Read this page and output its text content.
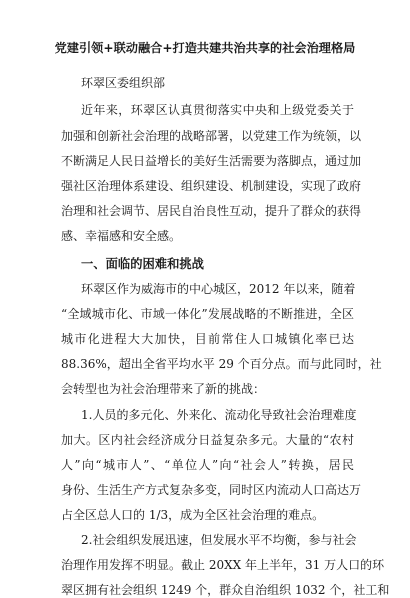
党建引领+联动融合+打造共建共治共享的社会治理格局
环翠区委组织部
近年来，环翠区认真贯彻落实中央和上级党委关于
加强和创新社会治理的战略部署，以党建工作为统领，以
不断满足人民日益增长的美好生活需要为落脚点，通过加
强社区治理体系建设、组织建设、机制建设，实现了政府
治理和社会调节、居民自治良性互动，提升了群众的获得
感、幸福感和安全感。
一、面临的困难和挑战
环翠区作为威海市的中心城区，2012 年以来，随着
“全域城市化、市域一体化”发展战略的不断推进，全区
城市化进程大大加快，目前常住人口城镇化率已达
88.36%，超出全省平均水平 29 个百分点。而与此同时，社
会转型也为社会治理带来了新的挑战：
1.人员的多元化、外来化、流动化导致社会治理难度
加大。区内社会经济成分日益复杂多元。大量的“农村
人”向“城市人”、“单位人”向“社会人”转换，居民
身份、生活生产方式复杂多变，同时区内流动人口高达万
占全区总人口的 1/3，成为全区社会治理的难点。
2.社会组织发展迅速，但发展水平不均衡，参与社会
治理作用发挥不明显。截止 20XX 年上半年，31 万人口的环
翠区拥有社会组织 1249 个，群众自治组织 1032 个，社工和
